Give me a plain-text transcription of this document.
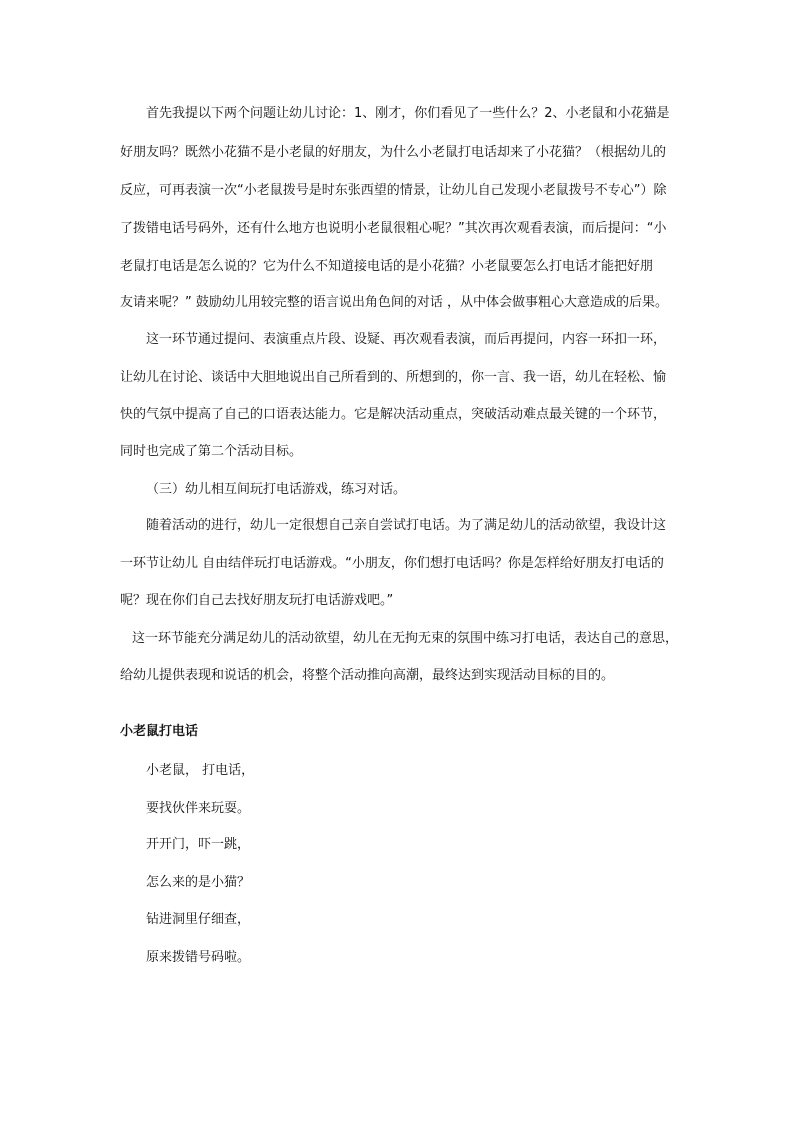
首先我提以下两个问题让幼儿讨论：1、刚才，你们看见了一些什么？2、小老鼠和小花猫是
好朋友吗？既然小花猫不是小老鼠的好朋友，为什么小老鼠打电话却来了小花猫？（根据幼儿的
反应，可再表演一次“小老鼠拨号是时东张西望的情景，让幼儿自己发现小老鼠拨号不专心”）除
了拨错电话号码外，还有什么地方也说明小老鼠很粗心呢？”其次再次观看表演，而后提问：“小
老鼠打电话是怎么说的？它为什么不知道接电话的是小花猫？小老鼠要怎么打电话才能把好朋
友请来呢？” 鼓励幼儿用较完整的语言说出角色间的对话 ，从中体会做事粗心大意造成的后果。
这一环节通过提问、表演重点片段、设疑、再次观看表演，而后再提问，内容一环扣一环，
让幼儿在讨论、谈话中大胆地说出自己所看到的、所想到的，你一言、我一语，幼儿在轻松、愉
快的气氛中提高了自己的口语表达能力。它是解决活动重点，突破活动难点最关键的一个环节，
同时也完成了第二个活动目标。
（三）幼儿相互间玩打电话游戏，练习对话。
随着活动的进行，幼儿一定很想自己亲自尝试打电话。为了满足幼儿的活动欲望，我设计这
一环节让幼儿 自由结伴玩打电话游戏。“小朋友，你们想打电话吗？你是怎样给好朋友打电话的
呢？现在你们自己去找好朋友玩打电话游戏吧。”
这一环节能充分满足幼儿的活动欲望，幼儿在无拘无束的氛围中练习打电话，表达自己的意思，
给幼儿提供表现和说话的机会，将整个活动推向高潮，最终达到实现活动目标的目的。
小老鼠打电话
小老鼠， 打电话，
要找伙伴来玩耍。
开开门，吓一跳，
怎么来的是小猫？
钻进洞里仔细查，
原来拨错号码啦。
